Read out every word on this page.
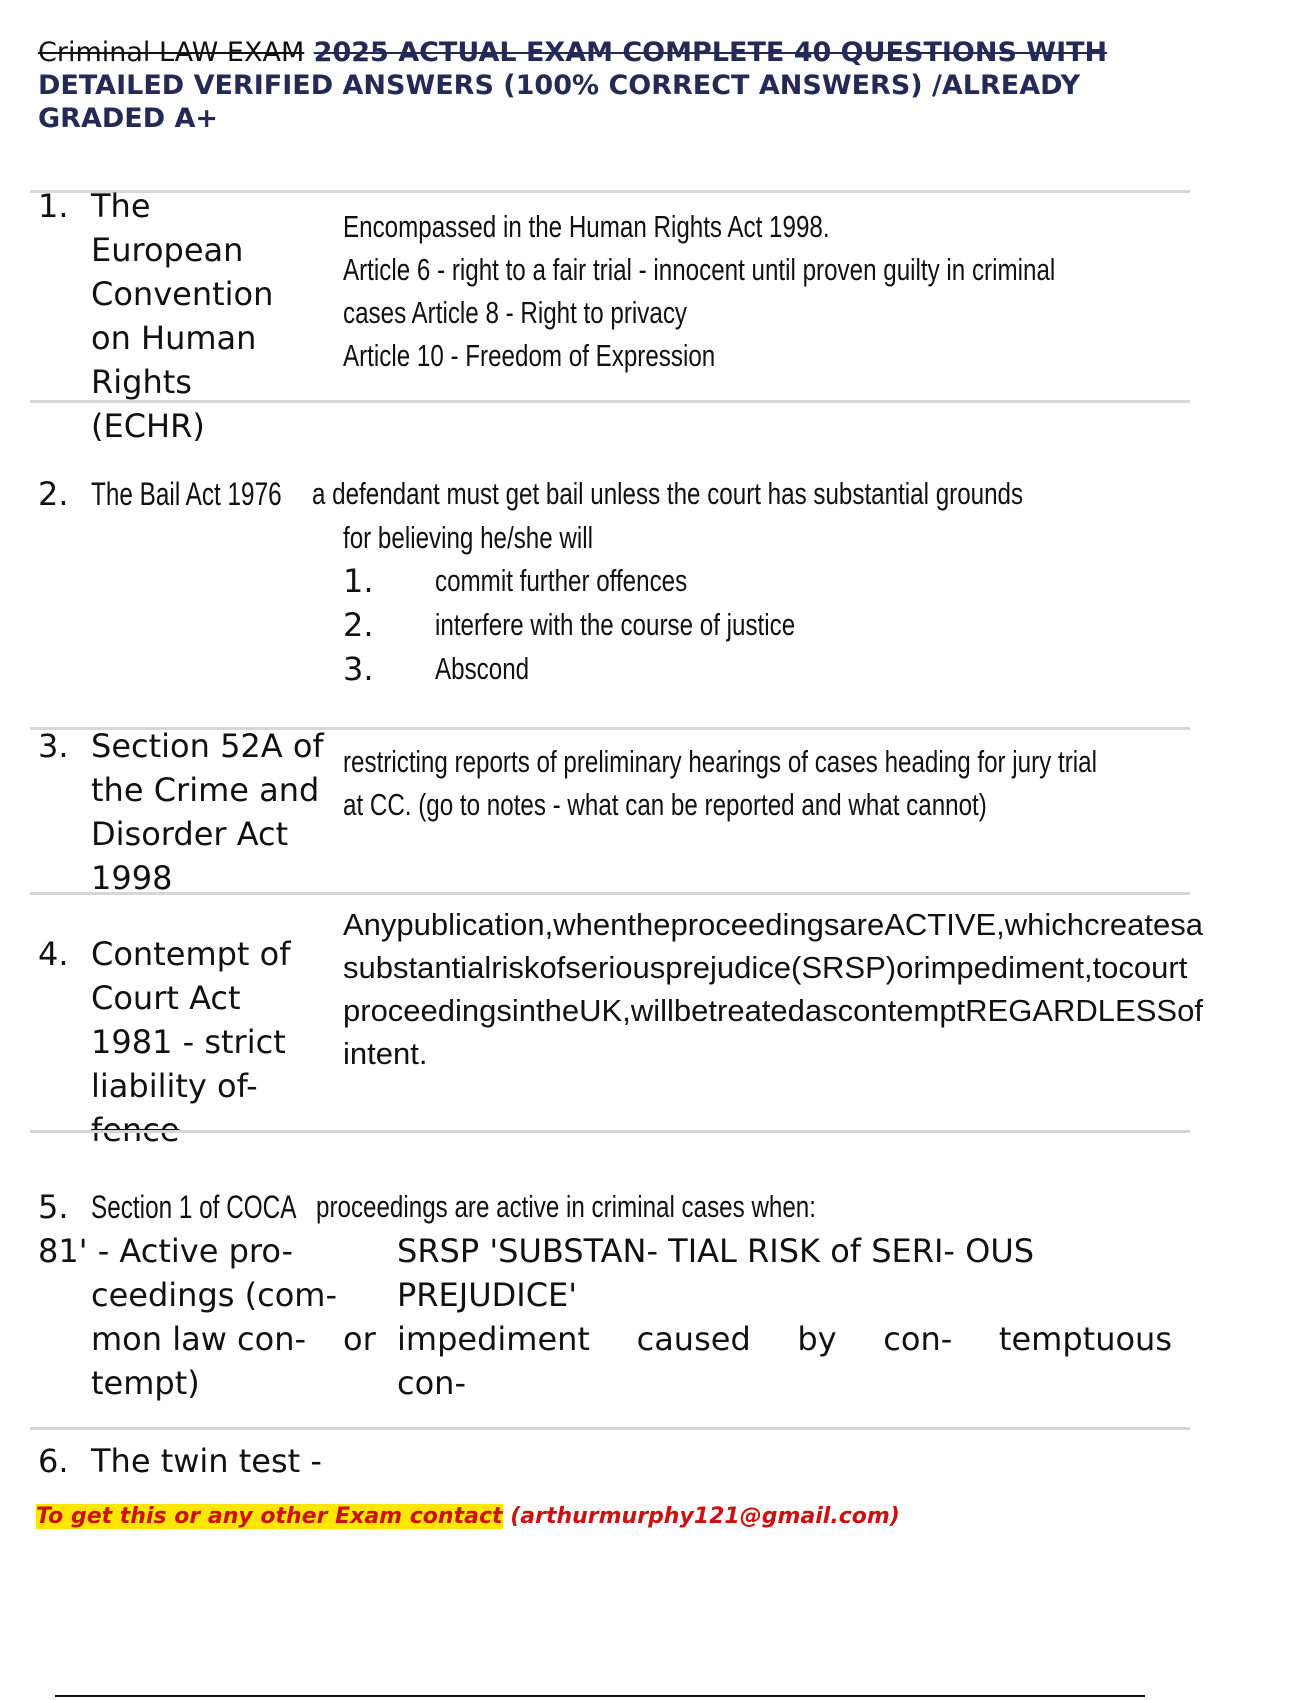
Criminal LAW EXAM 2025 ACTUAL EXAM COMPLETE 40 QUESTIONS WITH
DETAILED VERIFIED ANSWERS (100% CORRECT ANSWERS) /ALREADY GRADED A+
1. The
European
Convention
on Human
Rights
(ECHR)
Encompassed in the Human Rights Act 1998.
Article 6 - right to a fair trial - innocent until proven guilty in criminal
cases Article 8 - Right to privacy
Article 10 - Freedom of Expression
2. The Bail Act 1976 a defendant must get bail unless the court has substantial grounds
for believing he/she will
1. commit further offences
2. interfere with the course of justice
3. Abscond
3. Section 52A of
the Crime and
Disorder Act
1998
restricting reports of preliminary hearings of cases heading for jury trial
at CC. (go to notes - what can be reported and what cannot)
4. Contempt of
Court Act
1981 - strict
liability of-
fence
Any publication, when the proceedings are ACTIVE, which creates a
substantial risk of serious prejudice (SRSP) or impediment, to court
proceedings in the UK, will be treated as contempt REGARDLESS of
intent.
5. Section 1 of COCA proceedings are active in criminal cases when:
81' - Active pro-
ceedings (com-
mon law con-
tempt)
or
SRSP 'SUBSTAN- TIAL RISK of SERI- OUS
PREJUDICE'
impediment caused by con- temptuous
con-
6. The twin test -
To get this or any other Exam contact (arthurmurphy121@gmail.com)
